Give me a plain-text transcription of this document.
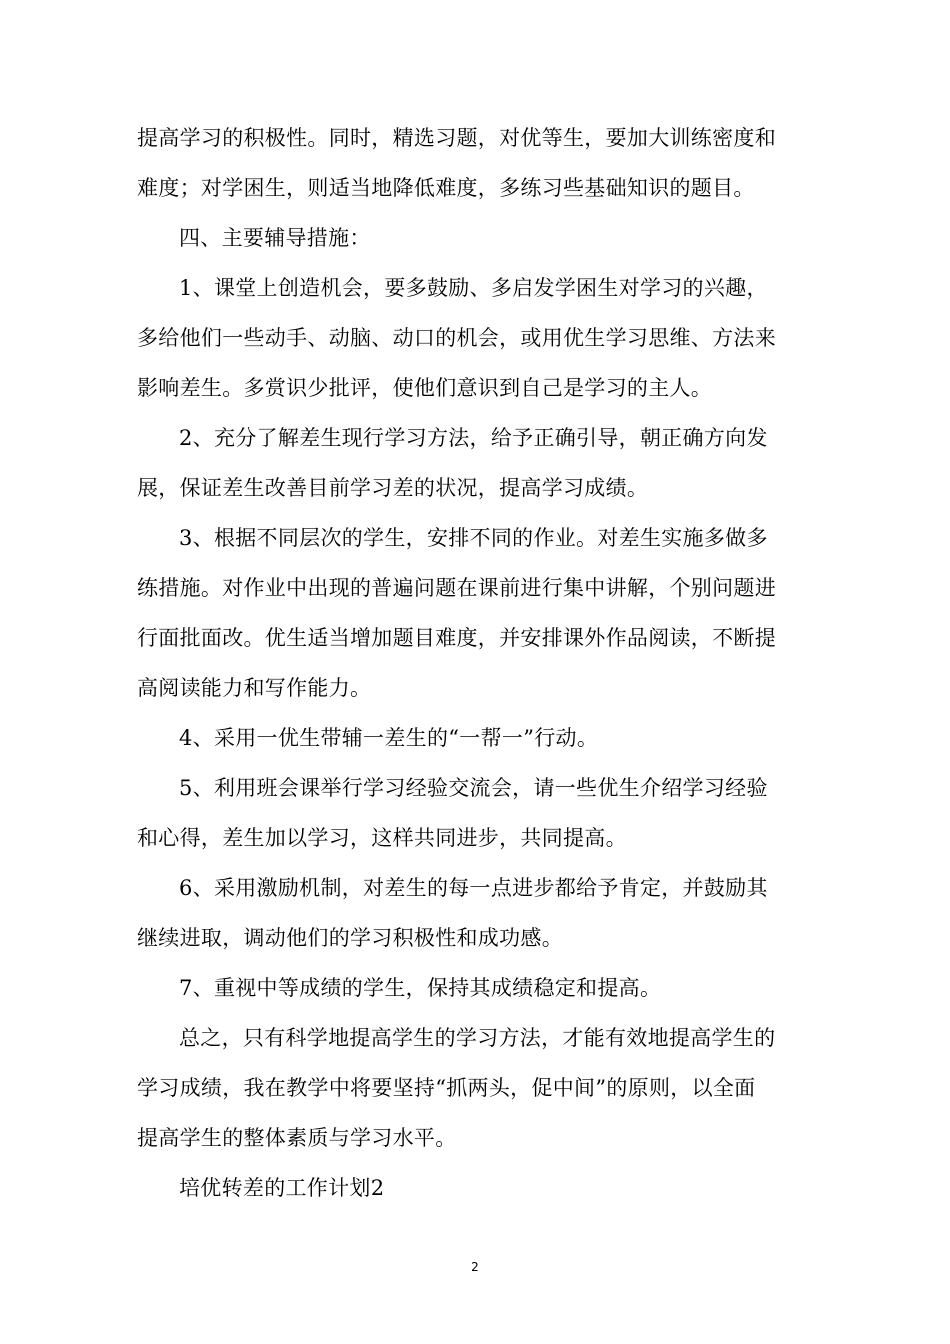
提高学习的积极性。同时，精选习题，对优等生，要加大训练密度和
难度；对学困生，则适当地降低难度，多练习些基础知识的题目。
四、主要辅导措施：
1、课堂上创造机会，要多鼓励、多启发学困生对学习的兴趣，
多给他们一些动手、动脑、动口的机会，或用优生学习思维、方法来
影响差生。多赏识少批评，使他们意识到自己是学习的主人。
2、充分了解差生现行学习方法，给予正确引导，朝正确方向发
展，保证差生改善目前学习差的状况，提高学习成绩。
3、根据不同层次的学生，安排不同的作业。对差生实施多做多
练措施。对作业中出现的普遍问题在课前进行集中讲解，个别问题进
行面批面改。优生适当增加题目难度，并安排课外作品阅读，不断提
高阅读能力和写作能力。
4、采用一优生带辅一差生的“一帮一”行动。
5、利用班会课举行学习经验交流会，请一些优生介绍学习经验
和心得，差生加以学习，这样共同进步，共同提高。
6、采用激励机制，对差生的每一点进步都给予肯定，并鼓励其
继续进取，调动他们的学习积极性和成功感。
7、重视中等成绩的学生，保持其成绩稳定和提高。
总之，只有科学地提高学生的学习方法，才能有效地提高学生的
学习成绩，我在教学中将要坚持“抓两头，促中间”的原则，以全面
提高学生的整体素质与学习水平。
培优转差的工作计划2
2
